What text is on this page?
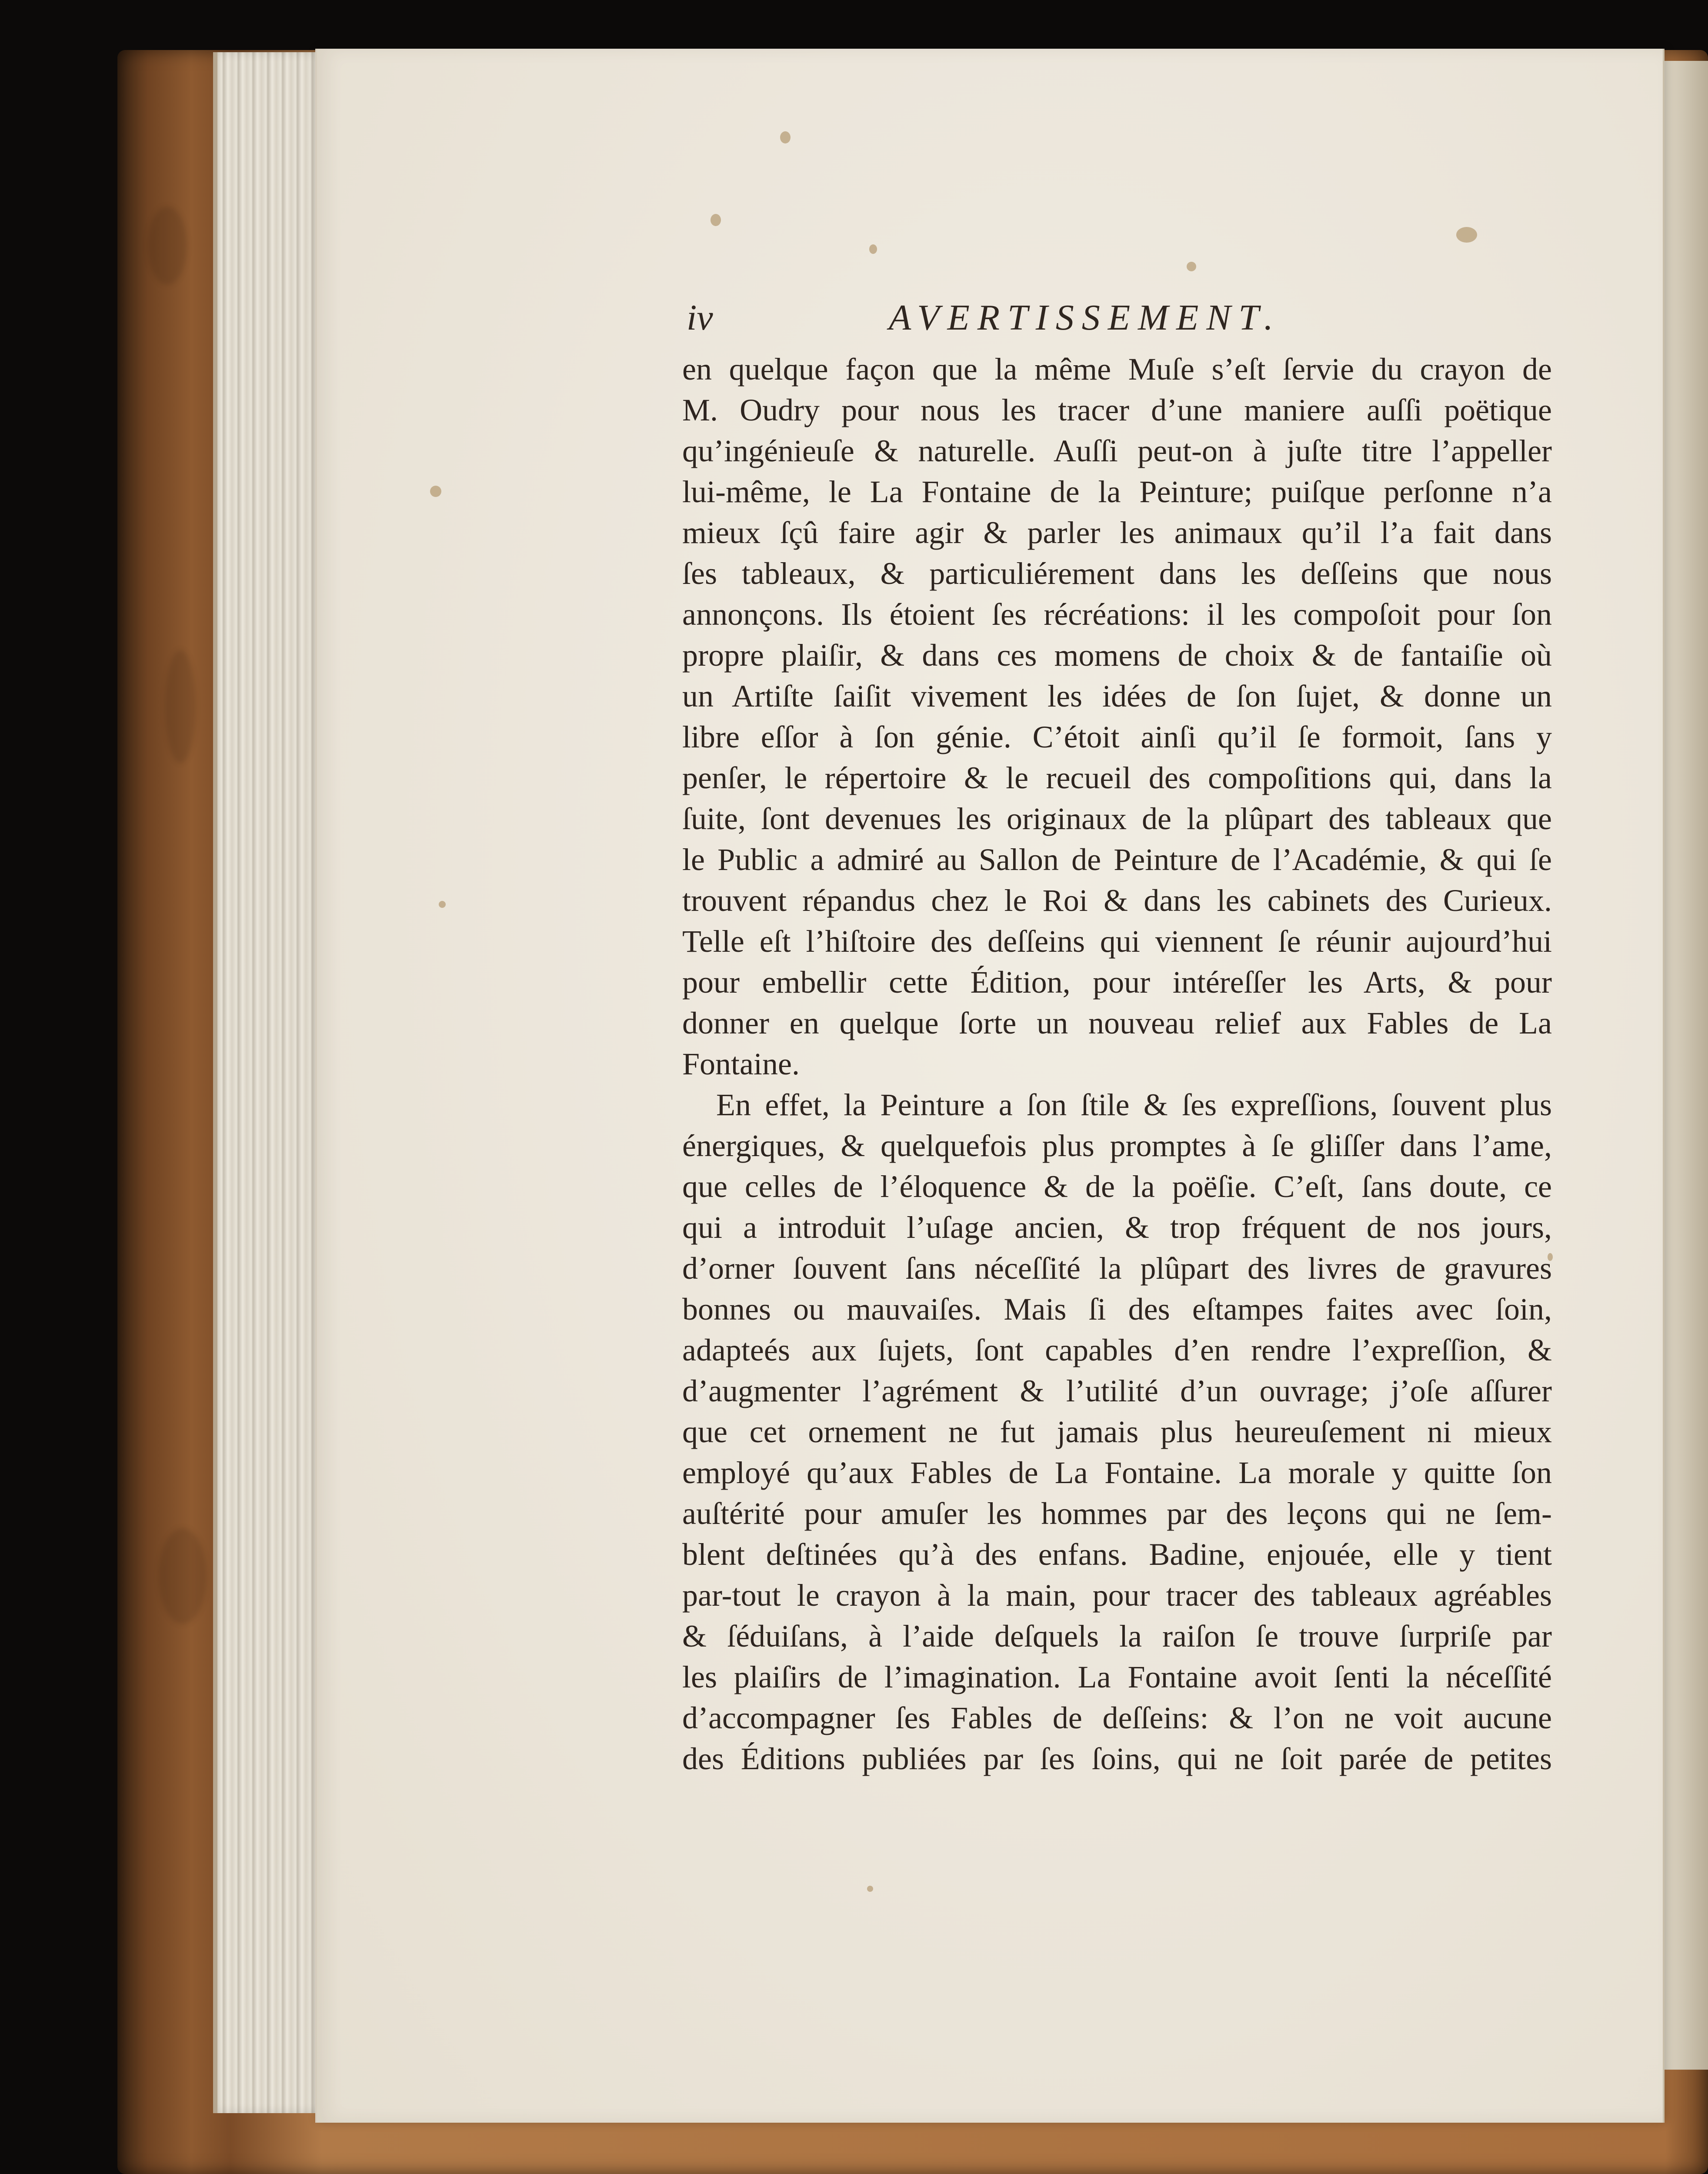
iv	AVERTISSEMENT.
en quelque façon que la même Muſe s’eſt ſervie du crayon de
M. Oudry pour nous les tracer d’une maniere auſſi poëtique
qu’ingénieuſe & naturelle. Auſſi peut-on à juſte titre l’appeller
lui-même, le La Fontaine de la Peinture; puiſque perſonne n’a
mieux ſçû faire agir & parler les animaux qu’il l’a fait dans
ſes tableaux, & particuliérement dans les deſſeins que nous
annonçons. Ils étoient ſes récréations: il les compoſoit pour ſon
propre plaiſir, & dans ces momens de choix & de fantaiſie où
un Artiſte ſaiſit vivement les idées de ſon ſujet, & donne un
libre eſſor à ſon génie. C’étoit ainſi qu’il ſe formoit, ſans y
penſer, le répertoire & le recueil des compoſitions qui, dans la
ſuite, ſont devenues les originaux de la plûpart des tableaux que
le Public a admiré au Sallon de Peinture de l’Académie, & qui ſe
trouvent répandus chez le Roi & dans les cabinets des Curieux.
Telle eſt l’hiſtoire des deſſeins qui viennent ſe réunir aujourd’hui
pour embellir cette Édition, pour intéreſſer les Arts, & pour
donner en quelque ſorte un nouveau relief aux Fables de La
Fontaine.
En effet, la Peinture a ſon ſtile & ſes expreſſions, ſouvent plus
énergiques, & quelquefois plus promptes à ſe gliſſer dans l’ame,
que celles de l’éloquence & de la poëſie. C’eſt, ſans doute, ce
qui a introduit l’uſage ancien, & trop fréquent de nos jours,
d’orner ſouvent ſans néceſſité la plûpart des livres de gravures
bonnes ou mauvaiſes. Mais ſi des eſtampes faites avec ſoin,
adapteés aux ſujets, ſont capables d’en rendre l’expreſſion, &
d’augmenter l’agrément & l’utilité d’un ouvrage; j’oſe aſſurer
que cet ornement ne fut jamais plus heureuſement ni mieux
employé qu’aux Fables de La Fontaine. La morale y quitte ſon
auſtérité pour amuſer les hommes par des leçons qui ne ſem-
blent deſtinées qu’à des enfans. Badine, enjouée, elle y tient
par-tout le crayon à la main, pour tracer des tableaux agréables
& ſéduiſans, à l’aide deſquels la raiſon ſe trouve ſurpriſe par
les plaiſirs de l’imagination. La Fontaine avoit ſenti la néceſſité
d’accompagner ſes Fables de deſſeins: & l’on ne voit aucune
des Éditions publiées par ſes ſoins, qui ne ſoit parée de petites
